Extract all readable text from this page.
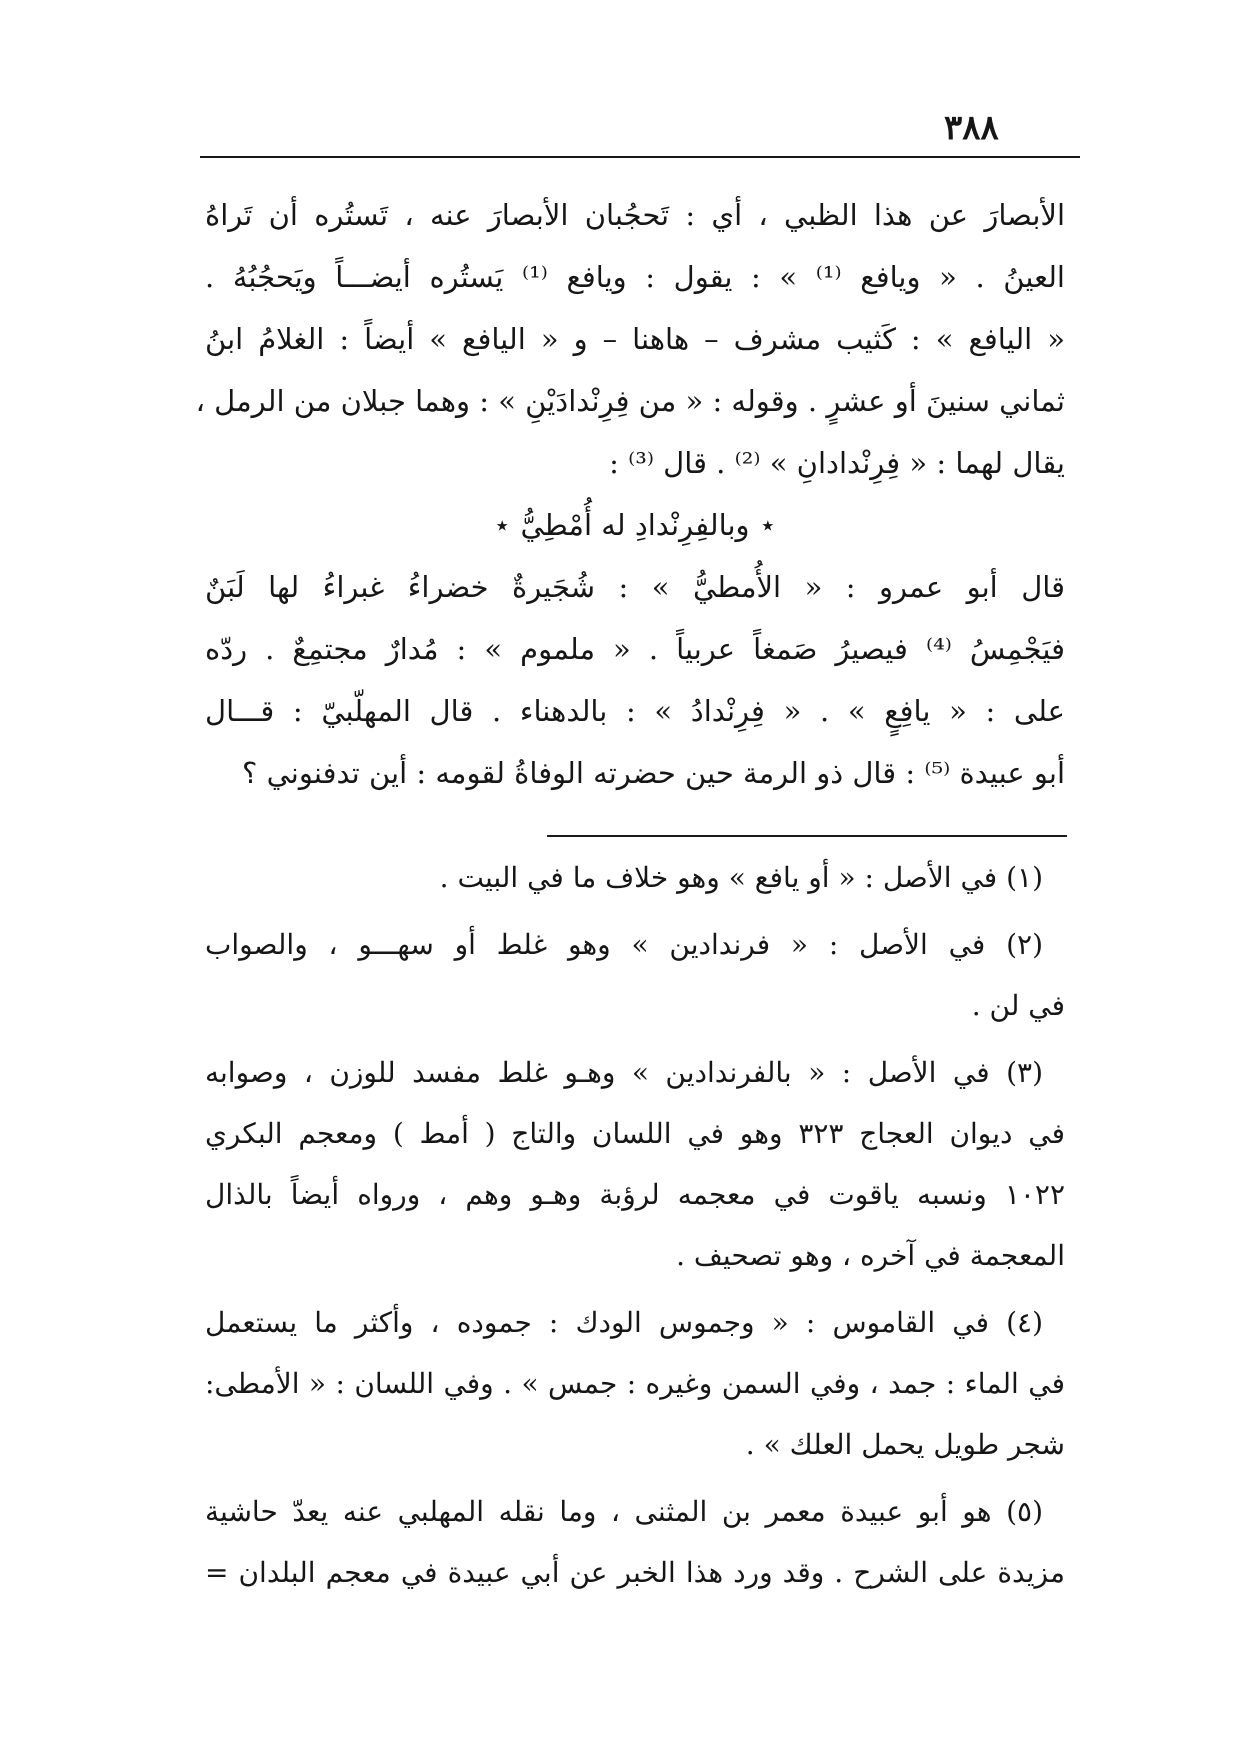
٣٨٨
الأبصارَ عن هذا الظبي ، أي : تَحجُبان الأبصارَ عنه ، تَستُره أن تَراهُ
العينُ . « ويافع ⁽¹⁾ » : يقول : ويافع ⁽¹⁾ يَستُره أيضـــاً ويَحجُبُهُ .
« اليافع » : كَثيب مشرف – هاهنا – و « اليافع » أيضاً : الغلامُ ابنُ
ثماني سنينَ أو عشرٍ . وقوله : « من فِرِنْدادَيْنِ » : وهما جبلان من الرمل ،
يقال لهما : « فِرِنْدادانِ » ⁽²⁾ . قال ⁽³⁾ :
⋆ وبالفِرِنْدادِ له أُمْطِيُّ ⋆
قال أبو عمرو : « الأُمطيُّ » : شُجَيرةٌ خضراءُ غبراءُ لها لَبَنٌ
فيَجْمِسُ ⁽⁴⁾ فيصيرُ صَمغاً عربياً . « ملموم » : مُدارٌ مجتمِعٌ . ردّه
على : « يافِعٍ » . « فِرِنْدادُ » : بالدهناء . قال المهلّبيّ : قـــال
أبو عبيدة ⁽⁵⁾ : قال ذو الرمة حين حضرته الوفاةُ لقومه : أين تدفنوني ؟
(١) في الأصل : « أو يافع » وهو خلاف ما في البيت .
(٢) في الأصل : « فرندادين » وهو غلط أو سهـــو ، والصواب
في لن .
(٣) في الأصل : « بالفرندادين » وهـو غلط مفسد للوزن ، وصوابه
في ديوان العجاج ٣٢٣ وهو في اللسان والتاج ( أمط ) ومعجم البكري
١٠٢٢ ونسبه ياقوت في معجمه لرؤبة وهـو وهم ، ورواه أيضاً بالذال
المعجمة في آخره ، وهو تصحيف .
(٤) في القاموس : « وجموس الودك : جموده ، وأكثر ما يستعمل
في الماء : جمد ، وفي السمن وغيره : جمس » . وفي اللسان : « الأمطى:
شجر طويل يحمل العلك » .
(٥) هو أبو عبيدة معمر بن المثنى ، وما نقله المهلبي عنه يعدّ حاشية
مزيدة على الشرح . وقد ورد هذا الخبر عن أبي عبيدة في معجم البلدان =
